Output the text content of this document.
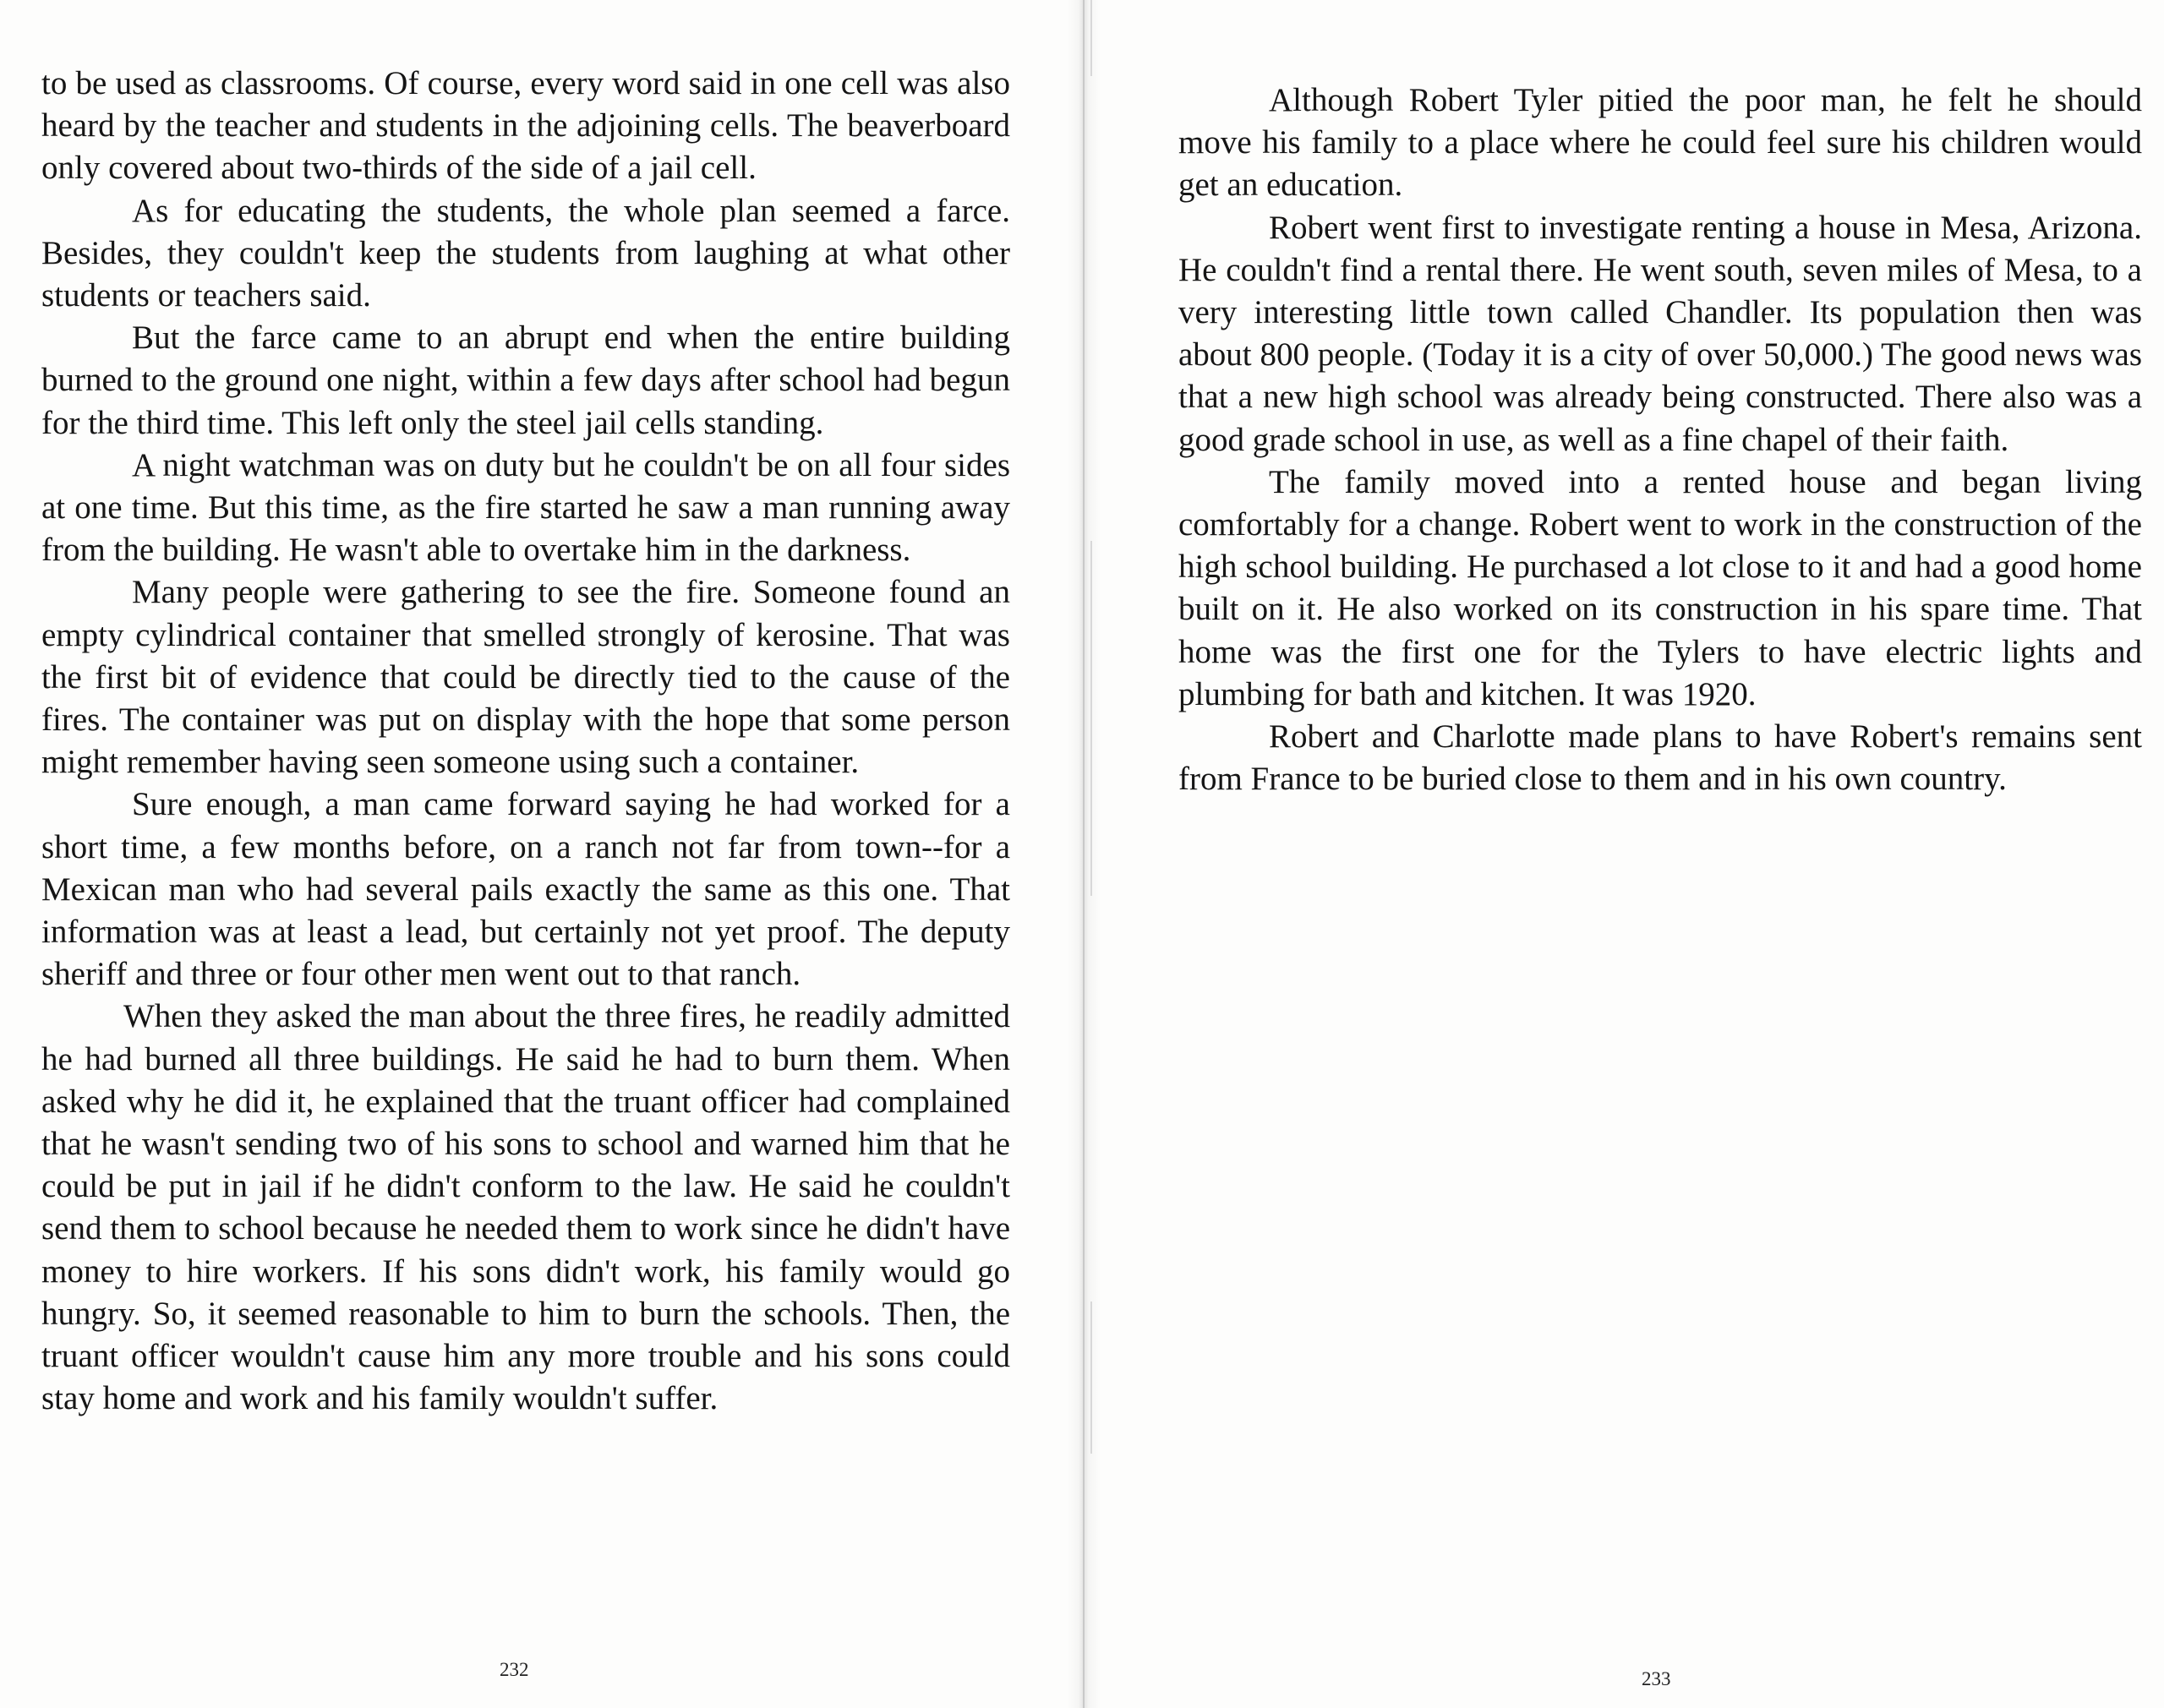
to be used as classrooms. Of course, every word said in one cell was also heard by the teacher and students in the adjoining cells. The beaverboard only covered about two-thirds of the side of a jail cell.

As for educating the students, the whole plan seemed a farce. Besides, they couldn't keep the students from laughing at what other students or teachers said.

But the farce came to an abrupt end when the entire building burned to the ground one night, within a few days after school had begun for the third time. This left only the steel jail cells standing.

A night watchman was on duty but he couldn't be on all four sides at one time. But this time, as the fire started he saw a man running away from the building. He wasn't able to overtake him in the darkness.

Many people were gathering to see the fire. Someone found an empty cylindrical container that smelled strongly of kerosine. That was the first bit of evidence that could be directly tied to the cause of the fires. The container was put on display with the hope that some person might remember having seen someone using such a container.

Sure enough, a man came forward saying he had worked for a short time, a few months before, on a ranch not far from town--for a Mexican man who had several pails exactly the same as this one. That information was at least a lead, but certainly not yet proof. The deputy sheriff and three or four other men went out to that ranch.

When they asked the man about the three fires, he readily admitted he had burned all three buildings. He said he had to burn them. When asked why he did it, he explained that the truant officer had complained that he wasn't sending two of his sons to school and warned him that he could be put in jail if he didn't conform to the law. He said he couldn't send them to school because he needed them to work since he didn't have money to hire workers. If his sons didn't work, his family would go hungry. So, it seemed reasonable to him to burn the schools. Then, the truant officer wouldn't cause him any more trouble and his sons could stay home and work and his family wouldn't suffer.

232	233

Although Robert Tyler pitied the poor man, he felt he should move his family to a place where he could feel sure his children would get an education.

Robert went first to investigate renting a house in Mesa, Arizona. He couldn't find a rental there. He went south, seven miles of Mesa, to a very interesting little town called Chandler. Its population then was about 800 people. (Today it is a city of over 50,000.) The good news was that a new high school was already being constructed. There also was a good grade school in use, as well as a fine chapel of their faith.

The family moved into a rented house and began living comfortably for a change. Robert went to work in the construction of the high school building. He purchased a lot close to it and had a good home built on it. He also worked on its construction in his spare time. That home was the first one for the Tylers to have electric lights and plumbing for bath and kitchen. It was 1920.

Robert and Charlotte made plans to have Robert's remains sent from France to be buried close to them and in his own country.
